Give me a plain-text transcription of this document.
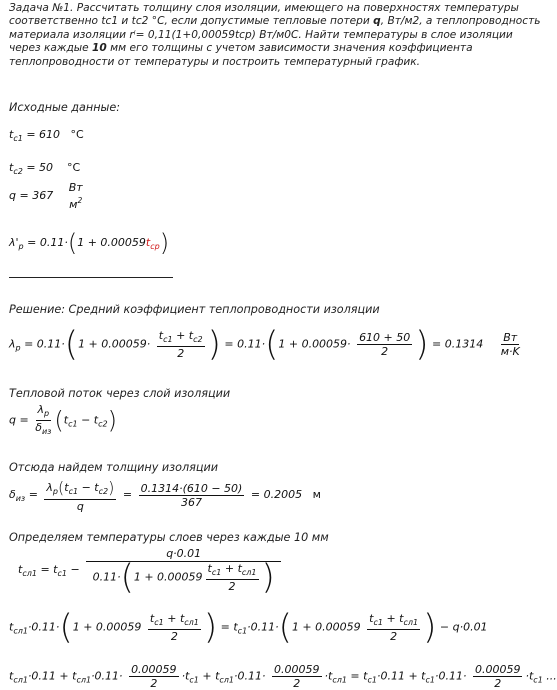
Задача №1. Рассчитать толщину слоя изоляции, имеющего на поверхностях температуры соответственно tc1 и tc2 °C, если допустимые тепловые потери q, Вт/м2, а теплопроводность материала изоляции rⁱ= 0,11(1+0,00059tср) Вт/м0С. Найти температуры в слое изоляции через каждые 10 мм его толщины с учетом зависимости значения коэффициента теплопроводности от температуры и построить температурный график.
Исходные данные:
$t_{c1} = 610$ °C
$t_{c2} = 50$ °C
q = 367
Вт
$м^2$
$\lambda'_p = 0.11\cdot(1 + 0.00059t_{cp})$
Решение: Средний коэффициент теплопроводности изоляции
$\lambda_p = 0.11\cdot(1 + 0.00059\cdot \frac{t_{c1} + t_{c2}}{2}$ ) = $0.11\cdot(1 + 0.00059\cdot \frac{610 + 50}{2}$ ) = $0.1314 \frac{Вт}{м\cdot K}$
Тепловой поток через слой изоляции
$q = \frac{\lambda_p}{\delta_{из}} (t_{c1} - t_{c2})$
Отсюда найдем толщину изоляции
$\delta_{из} = \frac{\lambda_p(t_{c1} - t_{c2})}{q} = \frac{0.1314\cdot(610 - 50)}{367} = 0.2005$ м
Определяем температуры слоев через каждые 10 мм
$t_{сл1} = t_{c1} - \frac{q\cdot 0.01}{0.11\cdot(1 + 0.00059 \frac{t_{c1} + t_{сл1}}{2} )}$
$t_{сл1}\cdot 0.11\cdot(1 + 0.00059 \frac{t_{c1} + t_{сл1}}{2}$ ) = $t_{c1}\cdot 0.11\cdot(1 + 0.00059 \frac{t_{c1} + t_{сл1}}{2}$ ) − q·0.01
$t_{сл1}\cdot 0.11 + t_{сл1}\cdot 0.11\cdot \frac{0.00059}{2} \cdot t_{c1} + t_{сл1}\cdot 0.11\cdot \frac{0.00059}{2} \cdot t_{сл1} = t_{c1}\cdot 0.11 + t_{c1}\cdot 0.11\cdot \frac{0.00059}{2} \cdot t_{c1}$ ...
